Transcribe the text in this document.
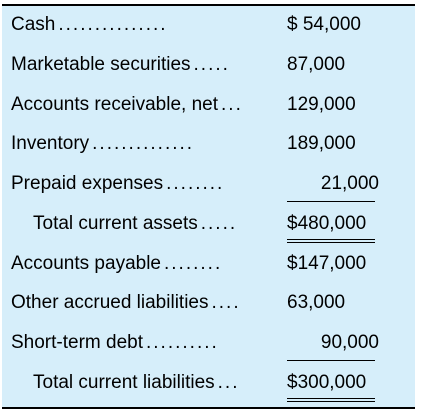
Cash ...............	$ 54,000
Marketable securities .....	87,000
Accounts receivable, net ... 129,000
Inventory ..............	189,000
Prepaid expenses ........	21,000
Total current assets .....	$480,000
Accounts payable ........	$147,000
Other accrued liabilities .... 63,000
Short-term debt ..........	90,000
Total current liabilities ...	$300,000
